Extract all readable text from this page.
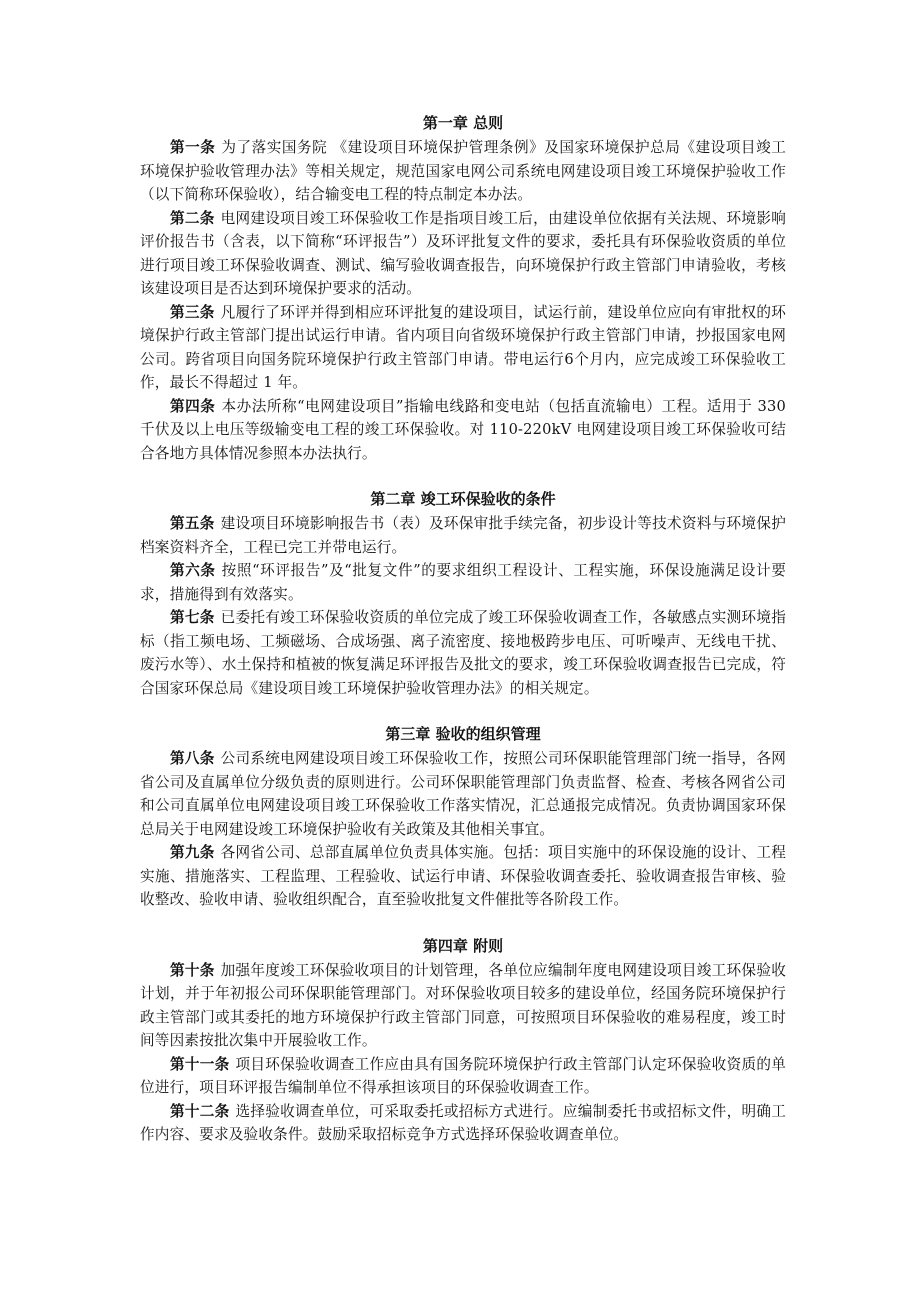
第一章 总则

第一条 为了落实国务院 《建设项目环境保护管理条例》及国家环境保护总局《建设项目竣工环境保护验收管理办法》等相关规定，规范国家电网公司系统电网建设项目竣工环境保护验收工作（以下简称环保验收），结合输变电工程的特点制定本办法。

第二条 电网建设项目竣工环保验收工作是指项目竣工后，由建设单位依据有关法规、环境影响评价报告书（含表，以下简称“环评报告”）及环评批复文件的要求，委托具有环保验收资质的单位进行项目竣工环保验收调查、测试、编写验收调查报告，向环境保护行政主管部门申请验收，考核该建设项目是否达到环境保护要求的活动。

第三条 凡履行了环评并得到相应环评批复的建设项目，试运行前，建设单位应向有审批权的环境保护行政主管部门提出试运行申请。省内项目向省级环境保护行政主管部门申请，抄报国家电网公司。跨省项目向国务院环境保护行政主管部门申请。带电运行6个月内，应完成竣工环保验收工作，最长不得超过 1 年。

第四条 本办法所称“电网建设项目”指输电线路和变电站（包括直流输电）工程。适用于 330 千伏及以上电压等级输变电工程的竣工环保验收。对 110-220kV 电网建设项目竣工环保验收可结合各地方具体情况参照本办法执行。

第二章 竣工环保验收的条件

第五条 建设项目环境影响报告书（表）及环保审批手续完备，初步设计等技术资料与环境保护档案资料齐全，工程已完工并带电运行。

第六条 按照“环评报告”及“批复文件”的要求组织工程设计、工程实施，环保设施满足设计要求，措施得到有效落实。

第七条 已委托有竣工环保验收资质的单位完成了竣工环保验收调查工作，各敏感点实测环境指标（指工频电场、工频磁场、合成场强、离子流密度、接地极跨步电压、可听噪声、无线电干扰、废污水等）、水土保持和植被的恢复满足环评报告及批文的要求，竣工环保验收调查报告已完成，符合国家环保总局《建设项目竣工环境保护验收管理办法》的相关规定。

第三章 验收的组织管理

第八条 公司系统电网建设项目竣工环保验收工作，按照公司环保职能管理部门统一指导，各网省公司及直属单位分级负责的原则进行。公司环保职能管理部门负责监督、检查、考核各网省公司和公司直属单位电网建设项目竣工环保验收工作落实情况，汇总通报完成情况。负责协调国家环保总局关于电网建设竣工环境保护验收有关政策及其他相关事宜。

第九条 各网省公司、总部直属单位负责具体实施。包括：项目实施中的环保设施的设计、工程实施、措施落实、工程监理、工程验收、试运行申请、环保验收调查委托、验收调查报告审核、验收整改、验收申请、验收组织配合，直至验收批复文件催批等各阶段工作。

第四章 附则

第十条 加强年度竣工环保验收项目的计划管理，各单位应编制年度电网建设项目竣工环保验收计划，并于年初报公司环保职能管理部门。对环保验收项目较多的建设单位，经国务院环境保护行政主管部门或其委托的地方环境保护行政主管部门同意，可按照项目环保验收的难易程度，竣工时间等因素按批次集中开展验收工作。

第十一条 项目环保验收调查工作应由具有国务院环境保护行政主管部门认定环保验收资质的单位进行，项目环评报告编制单位不得承担该项目的环保验收调查工作。

第十二条 选择验收调查单位，可采取委托或招标方式进行。应编制委托书或招标文件，明确工作内容、要求及验收条件。鼓励采取招标竞争方式选择环保验收调查单位。
